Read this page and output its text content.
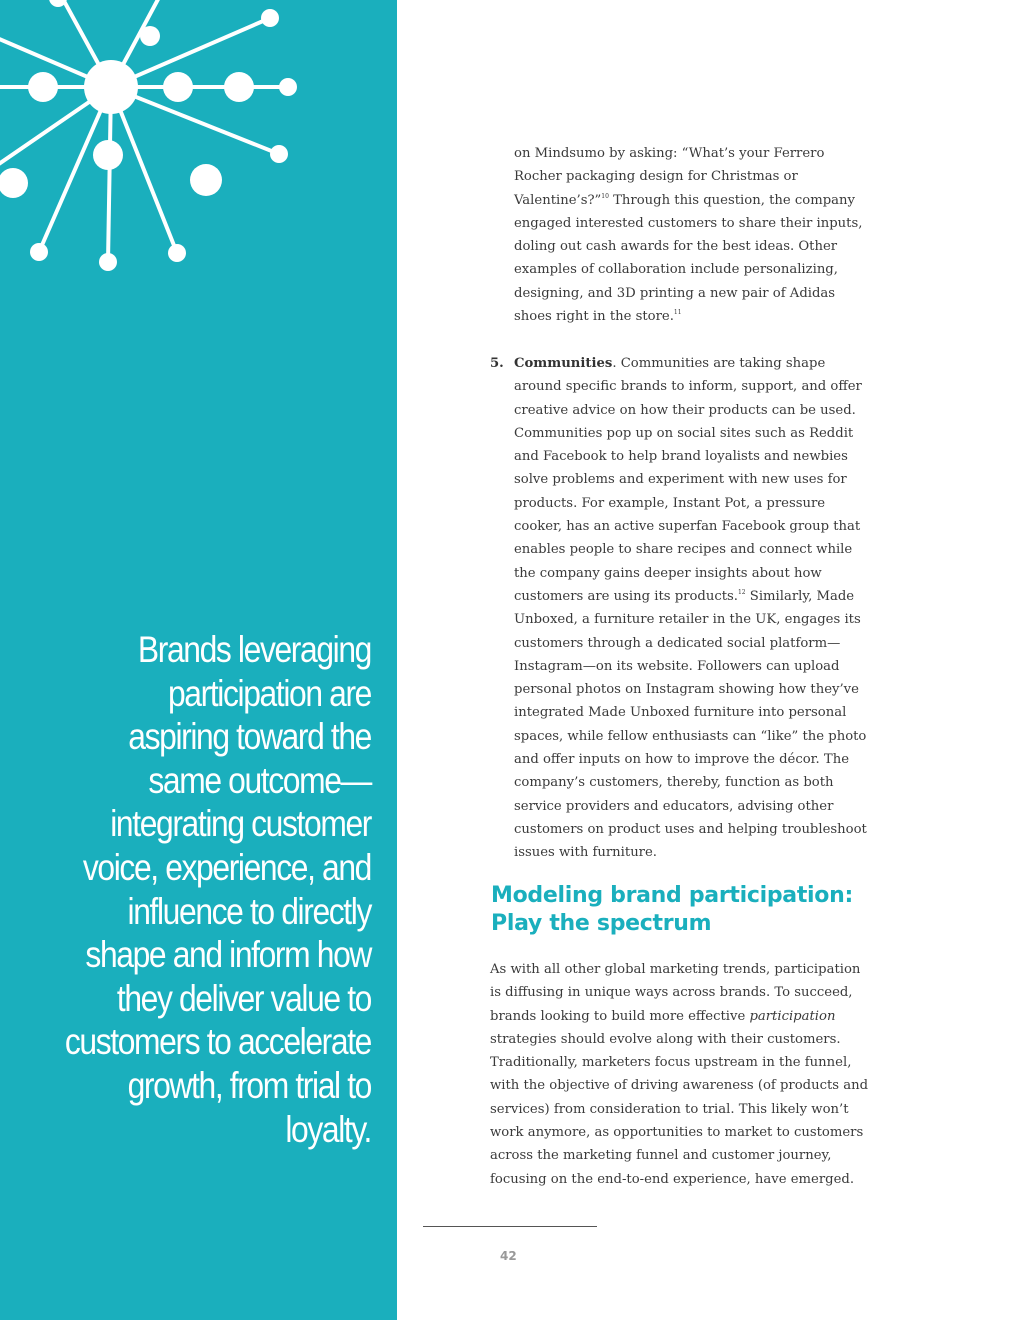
Brands leveraging participation are aspiring toward the same outcome—integrating customer voice, experience, and influence to directly shape and inform how they deliver value to customers to accelerate growth, from trial to loyalty.

on Mindsumo by asking: “What’s your Ferrero Rocher packaging design for Christmas or Valentine’s?”$^{10}$ Through this question, the company engaged interested customers to share their inputs, doling out cash awards for the best ideas. Other examples of collaboration include personalizing, designing, and 3D printing a new pair of Adidas shoes right in the store.$^{11}$

5. Communities. Communities are taking shape around specific brands to inform, support, and offer creative advice on how their products can be used. Communities pop up on social sites such as Reddit and Facebook to help brand loyalists and newbies solve problems and experiment with new uses for products. For example, Instant Pot, a pressure cooker, has an active superfan Facebook group that enables people to share recipes and connect while the company gains deeper insights about how customers are using its products.$^{12}$ Similarly, Made Unboxed, a furniture retailer in the UK, engages its customers through a dedicated social platform—Instagram—on its website. Followers can upload personal photos on Instagram showing how they’ve integrated Made Unboxed furniture into personal spaces, while fellow enthusiasts can “like” the photo and offer inputs on how to improve the décor. The company’s customers, thereby, function as both service providers and educators, advising other customers on product uses and helping troubleshoot issues with furniture.

Modeling brand participation:
Play the spectrum

As with all other global marketing trends, participation is diffusing in unique ways across brands. To succeed, brands looking to build more effective participation strategies should evolve along with their customers. Traditionally, marketers focus upstream in the funnel, with the objective of driving awareness (of products and services) from consideration to trial. This likely won’t work anymore, as opportunities to market to customers across the marketing funnel and customer journey, focusing on the end-to-end experience, have emerged.

42
